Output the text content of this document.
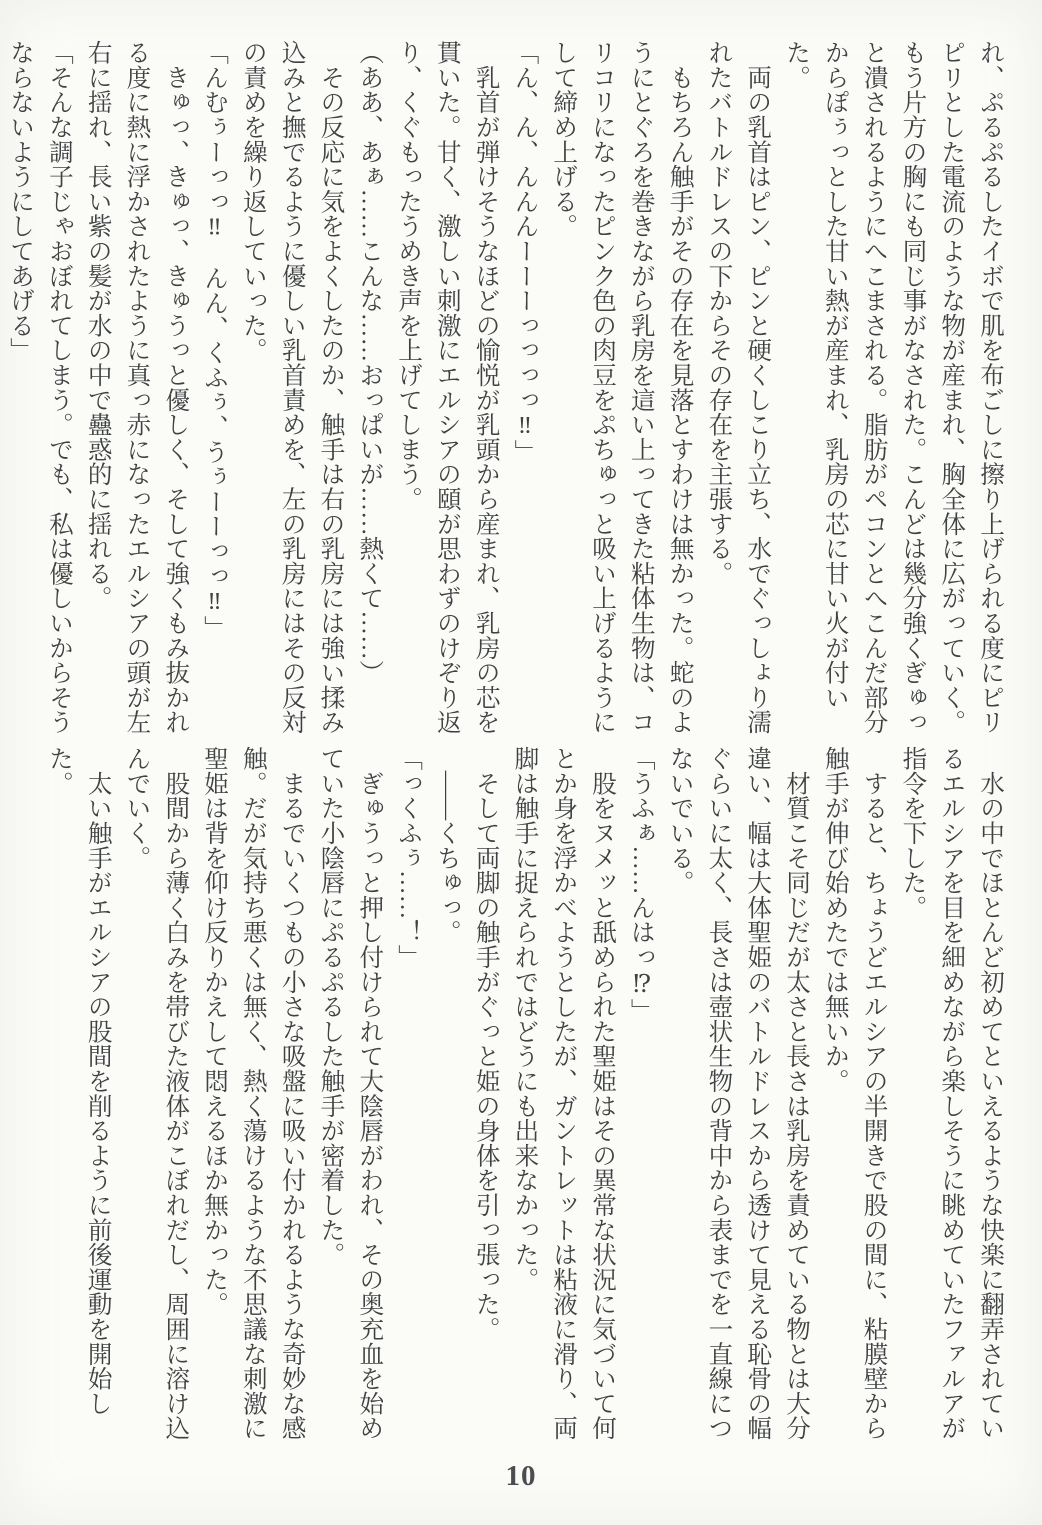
れ、ぷるぷるしたイボで肌を布ごしに擦り上げられる度にピリピリとした電流のような物が産まれ、胸全体に広がっていく。もう片方の胸にも同じ事がなされた。こんどは幾分強くぎゅっと潰されるようにへこまされる。脂肪がペコンとへこんだ部分からぽぅっとした甘い熱が産まれ、乳房の芯に甘い火が付いた。

　両の乳首はピン、ピンと硬くしこり立ち、水でぐっしょり濡れたバトルドレスの下からその存在を主張する。

　もちろん触手がその存在を見落とすわけは無かった。蛇のようにとぐろを巻きながら乳房を這い上ってきた粘体生物は、コリコリになったピンク色の肉豆をぷちゅっと吸い上げるようにして締め上げる。

「ん、ん、んんんーーーっっっっ‼」

　乳首が弾けそうなほどの愉悦が乳頭から産まれ、乳房の芯を貫いた。甘く、激しい刺激にエルシアの頤が思わずのけぞり返り、くぐもったうめき声を上げてしまう。

（ああ、あぁ……こんな……おっぱいが……熱くて……）

　その反応に気をよくしたのか、触手は右の乳房には強い揉み込みと撫でるように優しい乳首責めを、左の乳房にはその反対の責めを繰り返していった。

「んむぅーっっ‼　んん、くふぅ、うぅーーっっ‼」

　きゅっ、きゅっ、きゅうっと優しく、そして強くもみ抜かれる度に熱に浮かされたように真っ赤になったエルシアの頭が左右に揺れ、長い紫の髪が水の中で蠱惑的に揺れる。

「そんな調子じゃおぼれてしまう。でも、私は優しいからそうならないようにしてあげる」

　水の中でほとんど初めてといえるような快楽に翻弄されているエルシアを目を細めながら楽しそうに眺めていたファルアが指令を下した。

　すると、ちょうどエルシアの半開きで股の間に、粘膜壁から触手が伸び始めたでは無いか。

　材質こそ同じだが太さと長さは乳房を責めている物とは大分違い、幅は大体聖姫のバトルドレスから透けて見える恥骨の幅ぐらいに太く、長さは壺状生物の背中から表までを一直線につないでいる。

「うふぁ……んはっ⁉」

　股をヌメッと舐められた聖姫はその異常な状況に気づいて何とか身を浮かべようとしたが、ガントレットは粘液に滑り、両脚は触手に捉えられではどうにも出来なかった。

　そして両脚の触手がぐっと姫の身体を引っ張った。

　――くちゅっ。

「っくふぅ……！」

　ぎゅうっと押し付けられて大陰唇がわれ、その奥充血を始めていた小陰唇にぷるぷるした触手が密着した。

　まるでいくつもの小さな吸盤に吸い付かれるような奇妙な感触。だが気持ち悪くは無く、熱く蕩けるような不思議な刺激に聖姫は背を仰け反りかえして悶えるほか無かった。

　股間から薄く白みを帯びた液体がこぼれだし、周囲に溶け込んでいく。

　太い触手がエルシアの股間を削るように前後運動を開始した。

10
